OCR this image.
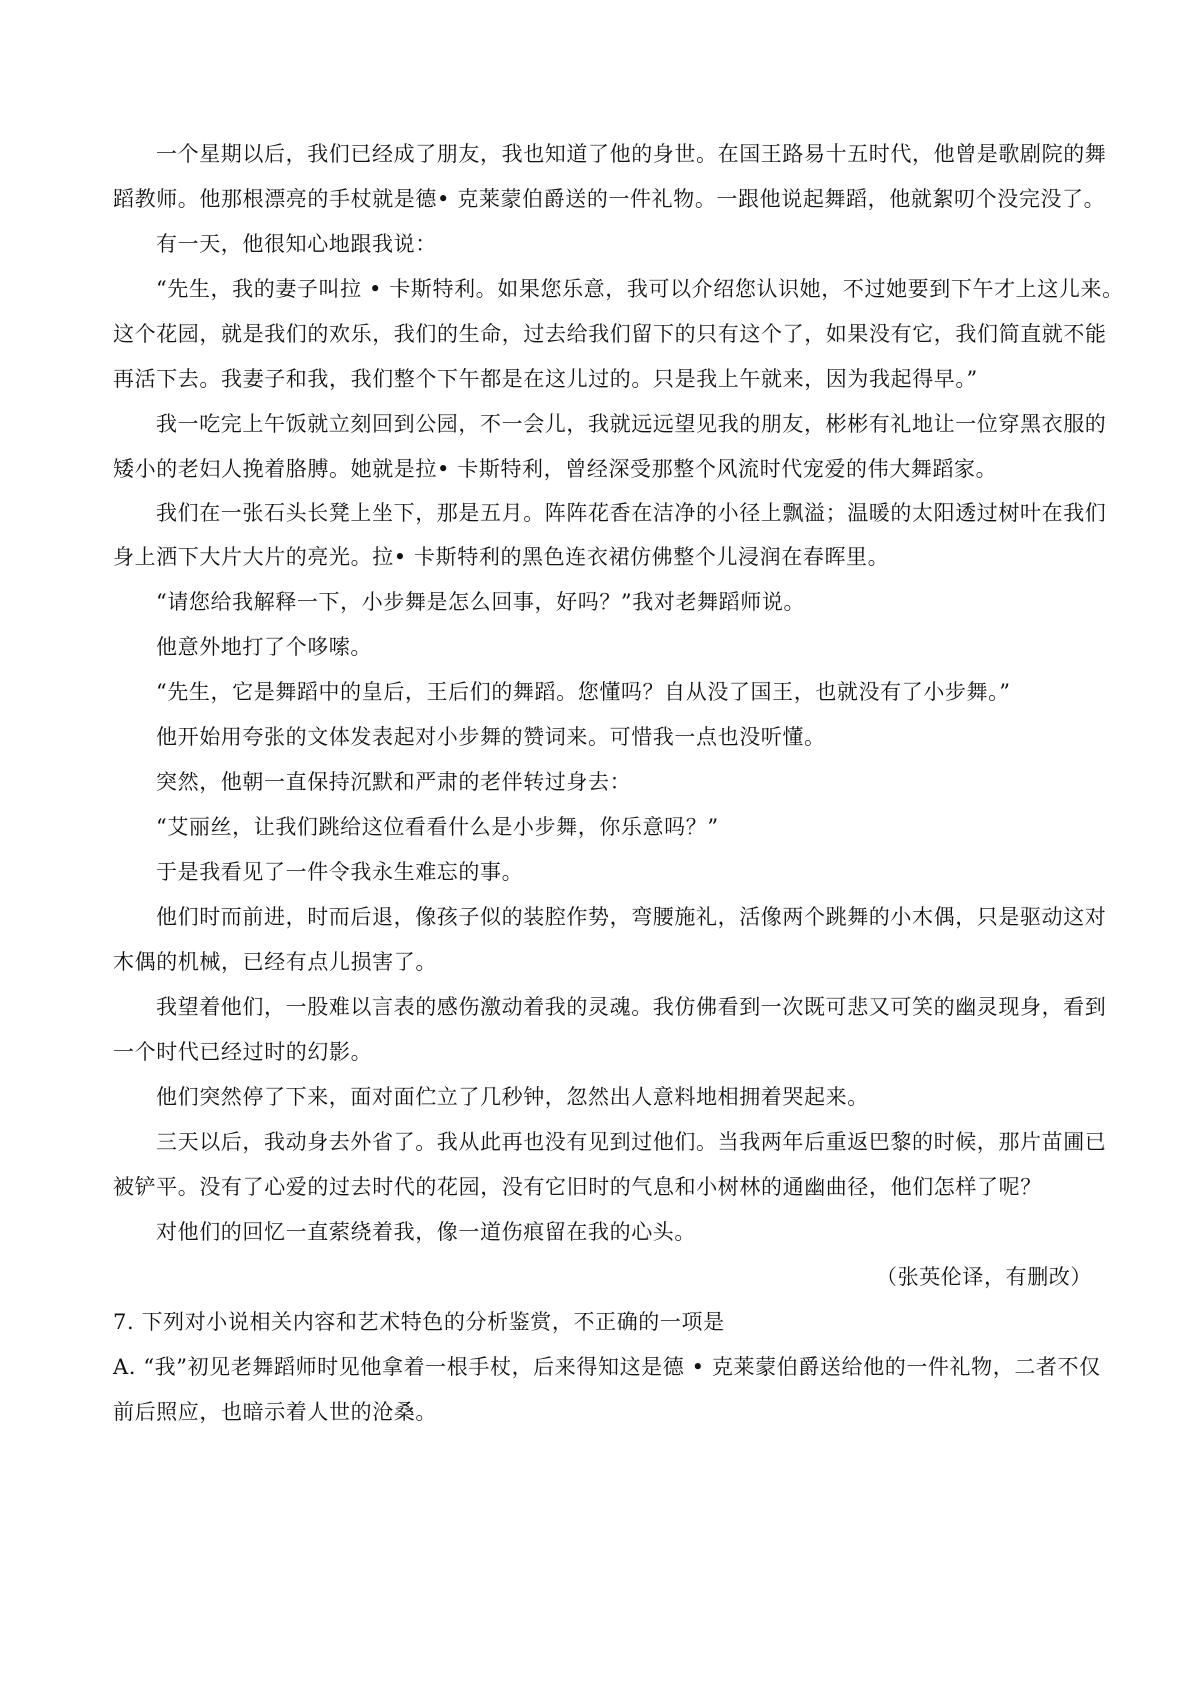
一个星期以后，我们已经成了朋友，我也知道了他的身世。在国王路易十五时代，他曾是歌剧院的舞
蹈教师。他那根漂亮的手杖就是德• 克莱蒙伯爵送的一件礼物。一跟他说起舞蹈，他就絮叨个没完没了。
有一天，他很知心地跟我说：
“先生，我的妻子叫拉 • 卡斯特利。如果您乐意，我可以介绍您认识她，不过她要到下午才上这儿来。
这个花园，就是我们的欢乐，我们的生命，过去给我们留下的只有这个了，如果没有它，我们简直就不能
再活下去。我妻子和我，我们整个下午都是在这儿过的。只是我上午就来，因为我起得早。”
我一吃完上午饭就立刻回到公园，不一会儿，我就远远望见我的朋友，彬彬有礼地让一位穿黑衣服的
矮小的老妇人挽着胳膊。她就是拉• 卡斯特利，曾经深受那整个风流时代宠爱的伟大舞蹈家。
我们在一张石头长凳上坐下，那是五月。阵阵花香在洁净的小径上飘溢；温暖的太阳透过树叶在我们
身上洒下大片大片的亮光。拉• 卡斯特利的黑色连衣裙仿佛整个儿浸润在春晖里。
“请您给我解释一下，小步舞是怎么回事，好吗？”我对老舞蹈师说。
他意外地打了个哆嗦。
“先生，它是舞蹈中的皇后，王后们的舞蹈。您懂吗？自从没了国王，也就没有了小步舞。”
他开始用夸张的文体发表起对小步舞的赞词来。可惜我一点也没听懂。
突然，他朝一直保持沉默和严肃的老伴转过身去：
“艾丽丝，让我们跳给这位看看什么是小步舞，你乐意吗？”
于是我看见了一件令我永生难忘的事。
他们时而前进，时而后退，像孩子似的装腔作势，弯腰施礼，活像两个跳舞的小木偶，只是驱动这对
木偶的机械，已经有点儿损害了。
我望着他们，一股难以言表的感伤激动着我的灵魂。我仿佛看到一次既可悲又可笑的幽灵现身，看到
一个时代已经过时的幻影。
他们突然停了下来，面对面伫立了几秒钟，忽然出人意料地相拥着哭起来。
三天以后，我动身去外省了。我从此再也没有见到过他们。当我两年后重返巴黎的时候，那片苗圃已
被铲平。没有了心爱的过去时代的花园，没有它旧时的气息和小树林的通幽曲径，他们怎样了呢？
对他们的回忆一直萦绕着我，像一道伤痕留在我的心头。
（张英伦译，有删改）
7. 下列对小说相关内容和艺术特色的分析鉴赏，不正确的一项是
A. “我”初见老舞蹈师时见他拿着一根手杖，后来得知这是德 • 克莱蒙伯爵送给他的一件礼物，二者不仅
前后照应，也暗示着人世的沧桑。
